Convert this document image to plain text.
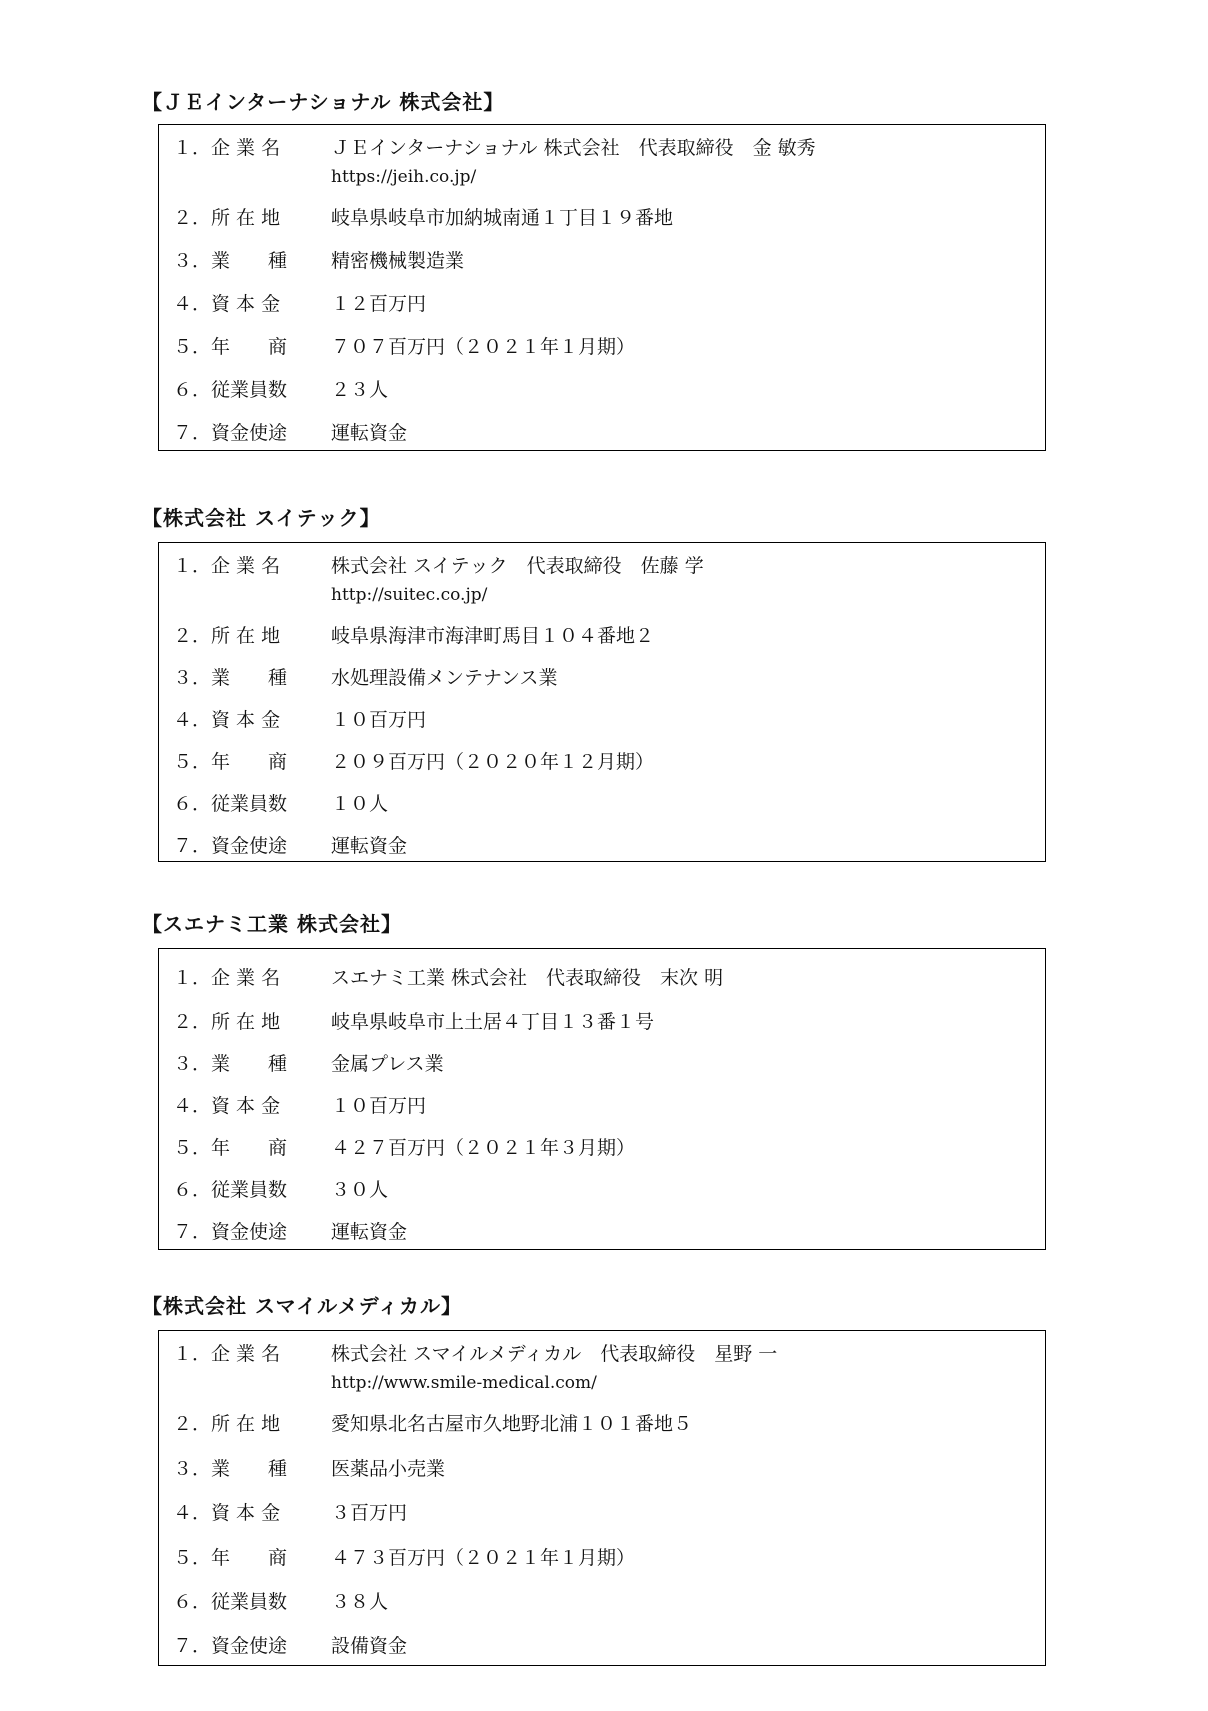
【ＪＥインターナショナル 株式会社】
１．企 業 名	ＪＥインターナショナル 株式会社　代表取締役　金 敏秀
https://jeih.co.jp/
２．所 在 地	岐阜県岐阜市加納城南通１丁目１９番地
３．業　　種 精密機械製造業
４．資 本 金	１２百万円
５．年　　商 ７０７百万円（２０２１年１月期）
６．従業員数 ２３人
７．資金使途 運転資金
【株式会社 スイテック】
１．企 業 名	株式会社 スイテック　代表取締役　佐藤 学
http://suitec.co.jp/
２．所 在 地	岐阜県海津市海津町馬目１０４番地２
３．業　　種 水処理設備メンテナンス業
４．資 本 金	１０百万円
５．年　　商 ２０９百万円（２０２０年１２月期）
６．従業員数 １０人
７．資金使途 運転資金
【スエナミ工業 株式会社】
１．企 業 名	スエナミ工業 株式会社　代表取締役　末次 明
２．所 在 地	岐阜県岐阜市上土居４丁目１３番１号
３．業　　種 金属プレス業
４．資 本 金	１０百万円
５．年　　商 ４２７百万円（２０２１年３月期）
６．従業員数 ３０人
７．資金使途 運転資金
【株式会社 スマイルメディカル】
１．企 業 名	株式会社 スマイルメディカル　代表取締役　星野 一
http://www.smile-medical.com/
２．所 在 地	愛知県北名古屋市久地野北浦１０１番地５
３．業　　種 医薬品小売業
４．資 本 金	３百万円
５．年　　商 ４７３百万円（２０２１年１月期）
６．従業員数 ３８人
７．資金使途 設備資金
